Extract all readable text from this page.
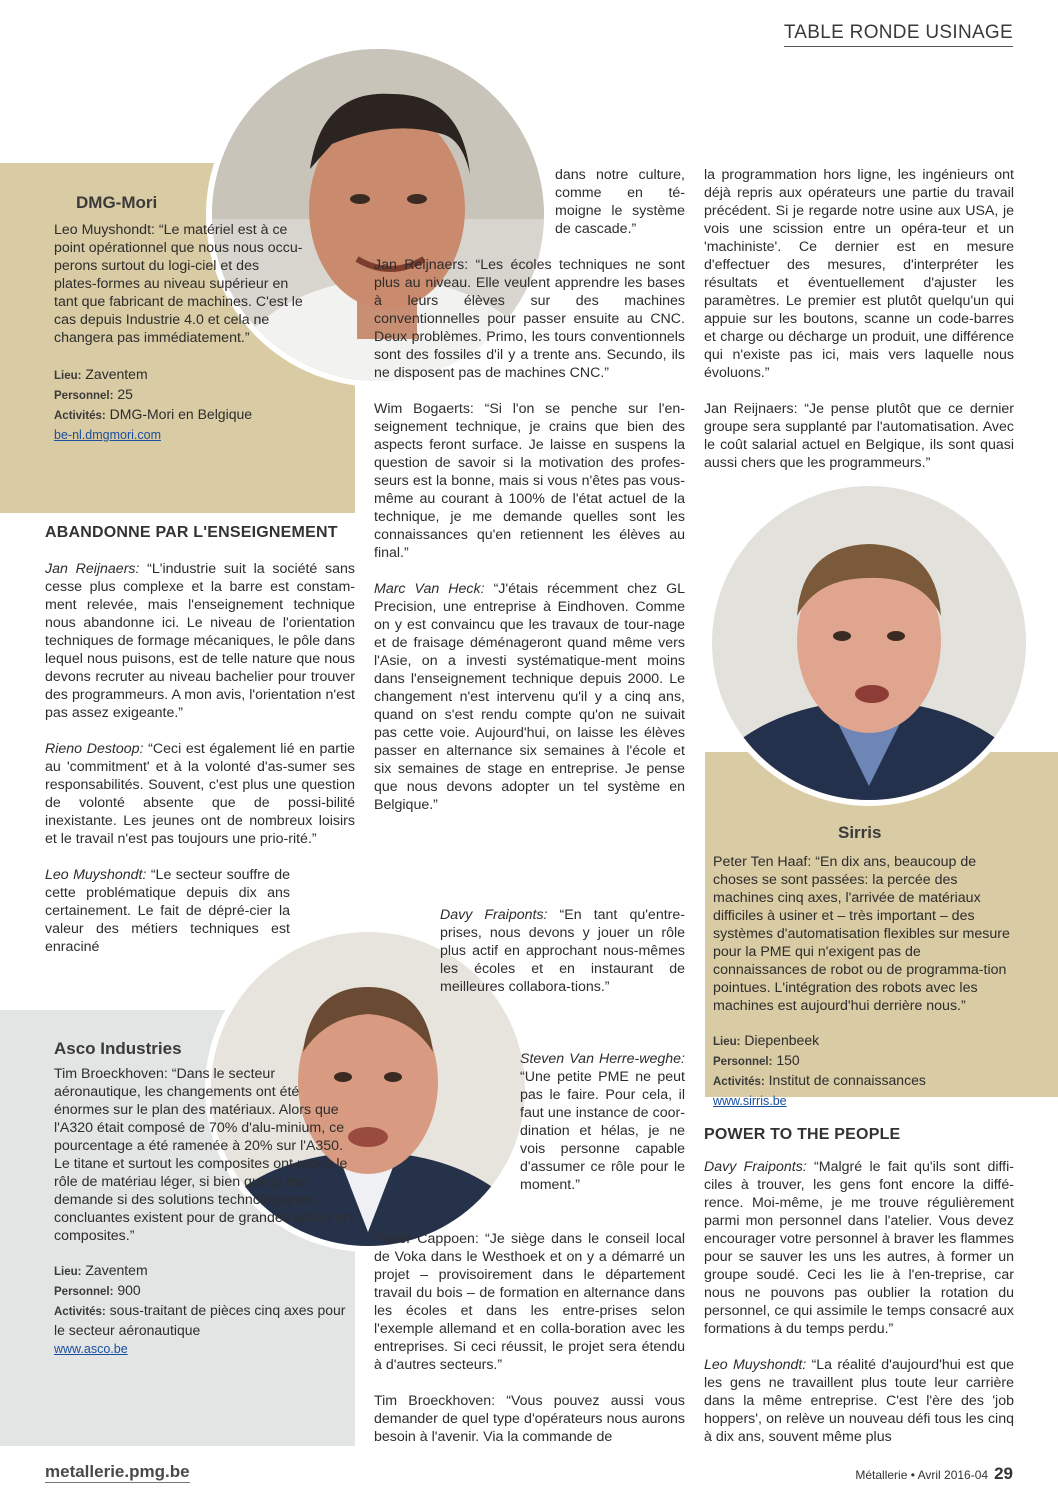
TABLE RONDE USINAGE
DMG-Mori

Leo Muyshondt: “Le matériel est à ce point opérationnel que nous nous occu-perons surtout du logi-ciel et des plates-formes au niveau supérieur en tant que fabricant de machines. C'est le cas depuis Industrie 4.0 et cela ne changera pas immédiatement.”

Lieu: Zaventem
Personnel: 25
Activités: DMG-Mori en Belgique
be-nl.dmgmori.com
ABANDONNE PAR L'ENSEIGNEMENT

Jan Reijnaers: “L'industrie suit la société sans cesse plus complexe et la barre est constam-ment relevée, mais l'enseignement technique nous abandonne ici. Le niveau de l'orientation techniques de formage mécaniques, le pôle dans lequel nous puisons, est de telle nature que nous devons recruter au niveau bachelier pour trouver des programmeurs. A mon avis, l'orientation n'est pas assez exigeante.”

Rieno Destoop: “Ceci est également lié en partie au 'commitment' et à la volonté d'as-sumer ses responsabilités. Souvent, c'est plus une question de volonté absente que de possi-bilité inexistante. Les jeunes ont de nombreux loisirs et le travail n'est pas toujours une prio-rité.”

Leo Muyshondt: “Le secteur souffre de cette problématique depuis dix ans certainement. Le fait de dépré-cier la valeur des métiers techniques est enraciné

Asco Industries

Tim Broeckhoven: “Dans le secteur aéronautique, les changements ont été énormes sur le plan des matériaux. Alors que l'A320 était composé de 70% d'alu-minium, ce pourcentage a été ramenée à 20% sur l'A350. Le titane et surtout les composites ont repris le rôle de matériau léger, si bien que je me demande si des solutions technologiques concluantes existent pour de grandes séries en composites.”

Lieu: Zaventem
Personnel: 900
Activités: sous-traitant de pièces cinq axes pour le secteur aéronautique
www.asco.be

dans notre culture, comme en té-moigne le système de cascade.”

Jan Reijnaers: “Les écoles techniques ne sont plus au niveau. Elle veulent apprendre les bases à leurs élèves sur des machines conventionnelles pour passer ensuite au CNC. Deux problèmes. Primo, les tours conventionnels sont des fossiles d'il y a trente ans. Secundo, ils ne disposent pas de machines CNC.”

Wim Bogaerts: “Si l'on se penche sur l'en-seignement technique, je crains que bien des aspects feront surface. Je laisse en suspens la question de savoir si la motivation des profes-seurs est la bonne, mais si vous n'êtes pas vous-même au courant à 100% de l'état actuel de la technique, je me demande quelles sont les connaissances qu'en retiennent les élèves au final.”

Marc Van Heck: “J'étais récemment chez GL Precision, une entreprise à Eindhoven. Comme on y est convaincu que les travaux de tour-nage et de fraisage déménageront quand même vers l'Asie, on a investi systématique-ment moins dans l'enseignement technique depuis 2000. Le changement n'est intervenu qu'il y a cinq ans, quand on s'est rendu compte qu'on ne suivait pas cette voie. Aujourd'hui, on laisse les élèves passer en alternance six semaines à l'école et six semaines de stage en entreprise. Je pense que nous devons adopter un tel système en Belgique.”

Davy Fraiponts: “En tant qu'entre-prises, nous devons y jouer un rôle plus actif en approchant nous-mêmes les écoles et en instaurant de meilleures collabora-tions.”

Steven Van Herre-weghe: “Une petite PME ne peut pas le faire. Pour cela, il faut une instance de coor-dination et hélas, je ne vois personne capable d'assumer ce rôle pour le moment.”

Pieter Cappoen: “Je siège dans le conseil local de Voka dans le Westhoek et on y a démarré un projet – provisoirement dans le département travail du bois – de formation en alternance dans les écoles et dans les entre-prises selon l'exemple allemand et en colla-boration avec les entreprises. Si ceci réussit, le projet sera étendu à d'autres secteurs.”

Tim Broeckhoven: “Vous pouvez aussi vous demander de quel type d'opérateurs nous aurons besoin à l'avenir. Via la commande de

la programmation hors ligne, les ingénieurs ont déjà repris aux opérateurs une partie du travail précédent. Si je regarde notre usine aux USA, je vois une scission entre un opéra-teur et un 'machiniste'. Ce dernier est en mesure d'effectuer des mesures, d'interpréter les résultats et éventuellement d'ajuster les paramètres. Le premier est plutôt quelqu'un qui appuie sur les boutons, scanne un code-barres et charge ou décharge un produit, une différence qui n'existe pas ici, mais vers laquelle nous évoluons.”

Jan Reijnaers: “Je pense plutôt que ce dernier groupe sera supplanté par l'automatisation. Avec le coût salarial actuel en Belgique, ils sont quasi aussi chers que les programmeurs.”

Sirris

Peter Ten Haaf: “En dix ans, beaucoup de choses se sont passées: la percée des machines cinq axes, l'arrivée de matériaux difficiles à usiner et – très important – des systèmes d'automatisation flexibles sur mesure pour la PME qui n'exigent pas de connaissances de robot ou de programma-tion pointues. L'intégration des robots avec les machines est aujourd'hui derrière nous.”

Lieu: Diepenbeek
Personnel: 150
Activités: Institut de connaissances
www.sirris.be
POWER TO THE PEOPLE

Davy Fraiponts: “Malgré le fait qu'ils sont diffi-ciles à trouver, les gens font encore la diffé-rence. Moi-même, je me trouve régulièrement parmi mon personnel dans l'atelier. Vous devez encourager votre personnel à braver les flammes pour se sauver les uns les autres, à former un groupe soudé. Ceci les lie à l'en-treprise, car nous ne pouvons pas oublier la rotation du personnel, ce qui assimile le temps consacré aux formations à du temps perdu.”

Leo Muyshondt: “La réalité d'aujourd'hui est que les gens ne travaillent plus toute leur carrière dans la même entreprise. C'est l'ère des 'job hoppers', on relève un nouveau défi tous les cinq à dix ans, souvent même plus

metallerie.pmg.be	Métallerie • Avril 2016-04 29
